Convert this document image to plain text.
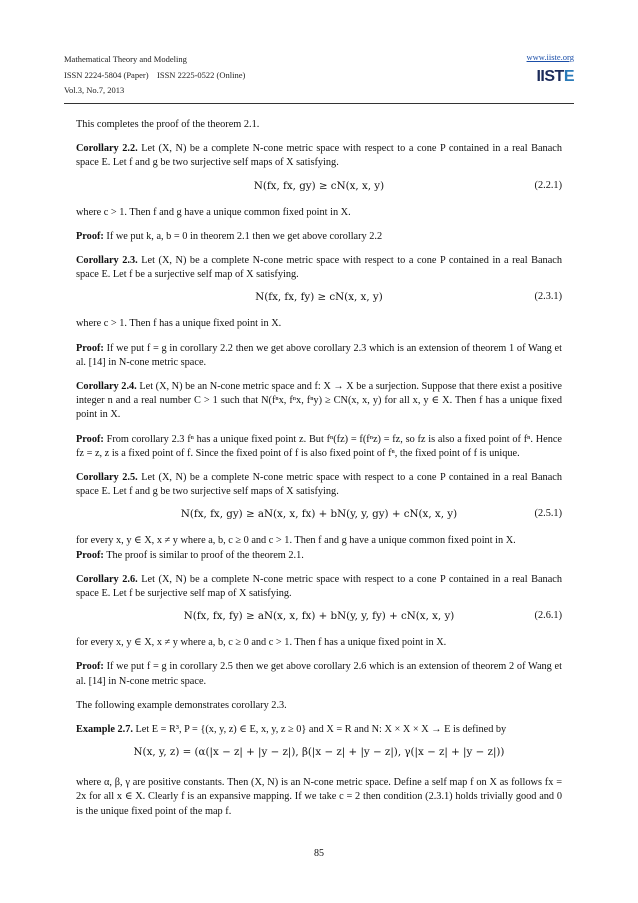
Mathematical Theory and Modeling
ISSN 2224-5804 (Paper)    ISSN 2225-0522 (Online)
Vol.3, No.7, 2013
www.iiste.org
IISTE

This completes the proof of the theorem 2.1.

Corollary 2.2. Let (X, N) be a complete N-cone metric space with respect to a cone P contained in a real Banach space E. Let f and g be two surjective self maps of X satisfying.

N(fx, fx, gy) ≥ cN(x, x, y)	(2.2.1)

where c > 1. Then f and g have a unique common fixed point in X.

Proof: If we put k, a, b = 0 in theorem 2.1 then we get above corollary 2.2

Corollary 2.3. Let (X, N) be a complete N-cone metric space with respect to a cone P contained in a real Banach space E. Let f be a surjective self map of X satisfying.

N(fx, fx, fy) ≥ cN(x, x, y)	(2.3.1)

where c > 1. Then f has a unique fixed point in X.

Proof: If we put f = g in corollary 2.2 then we get above corollary 2.3 which is an extension of theorem 1 of Wang et al. [14] in N-cone metric space.

Corollary 2.4. Let (X, N) be an N-cone metric space and f: X → X be a surjection. Suppose that there exist a positive integer n and a real number C > 1 such that N(fⁿx, fⁿx, fⁿy) ≥ CN(x, x, y) for all x, y ∈ X. Then f has a unique fixed point in X.

Proof: From corollary 2.3 fⁿ has a unique fixed point z. But fⁿ(fz) = f(fⁿz) = fz, so fz is also a fixed point of fⁿ. Hence fz = z, z is a fixed point of f. Since the fixed point of f is also fixed point of fⁿ, the fixed point of f is unique.

Corollary 2.5. Let (X, N) be a complete N-cone metric space with respect to a cone P contained in a real Banach space E. Let f and g be two surjective self maps of X satisfying.

N(fx, fx, gy) ≥ aN(x, x, fx) + bN(y, y, gy) + cN(x, x, y)	(2.5.1)

for every x, y ∈ X, x ≠ y where a, b, c ≥ 0 and c > 1. Then f and g have a unique common fixed point in X.

Proof: The proof is similar to proof of the theorem 2.1.

Corollary 2.6. Let (X, N) be a complete N-cone metric space with respect to a cone P contained in a real Banach space E. Let f be surjective self map of X satisfying.

N(fx, fx, fy) ≥ aN(x, x, fx) + bN(y, y, fy) + cN(x, x, y)	(2.6.1)

for every x, y ∈ X, x ≠ y where a, b, c ≥ 0 and c > 1. Then f has a unique fixed point in X.

Proof: If we put f = g in corollary 2.5 then we get above corollary 2.6 which is an extension of theorem 2 of Wang et al. [14] in N-cone metric space.

The following example demonstrates corollary 2.3.

Example 2.7. Let E = R³, P = {(x, y, z) ∈ E, x, y, z ≥ 0} and X = R and N: X × X × X → E is defined by

N(x, y, z) = (α(|x − z| + |y − z|), β(|x − z| + |y − z|), γ(|x − z| + |y − z|))

where α, β, γ are positive constants. Then (X, N) is an N-cone metric space. Define a self map f on X as follows fx = 2x for all x ∈ X. Clearly f is an expansive mapping. If we take c = 2 then condition (2.3.1) holds trivially good and 0 is the unique fixed point of the map f.

85
